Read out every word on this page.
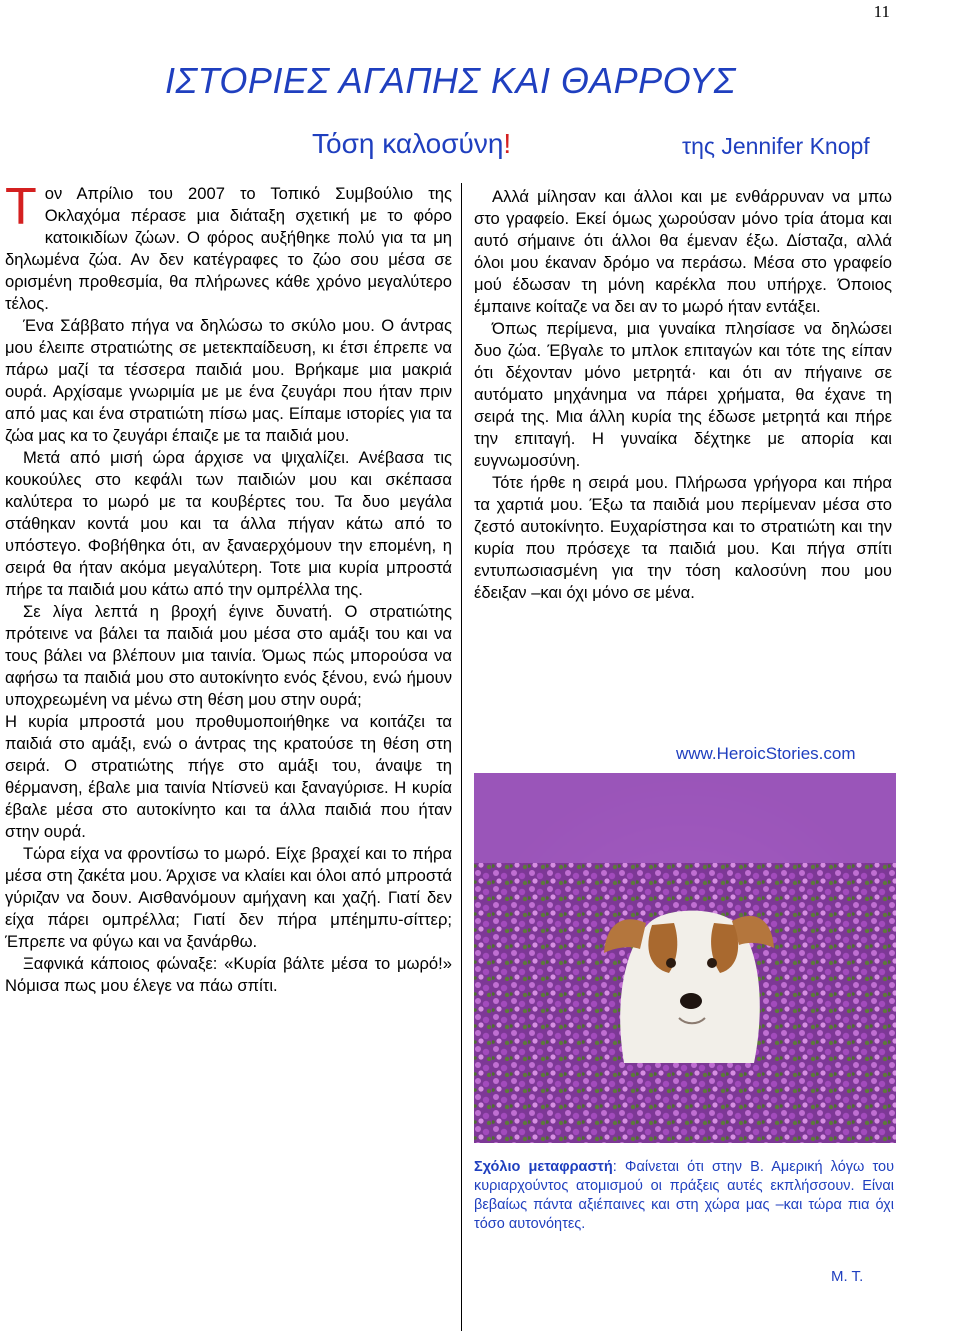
11
ΙΣΤΟΡΙΕΣ ΑΓΑΠΗΣ ΚΑΙ ΘΑΡΡΟΥΣ
Τόση καλοσύνη!	της Jennifer Knopf

Τον Απρίλιο του 2007 το Τοπικό Συμβούλιο της Οκλαχόμα πέρασε μια διάταξη σχετική με το φόρο κατοικιδίων ζώων. Ο φόρος αυξήθηκε πολύ για τα μη δηλωμένα ζώα. Αν δεν κατέγραφες το ζώο σου μέσα σε ορισμένη προθεσμία, θα πλήρωνες κάθε χρόνο μεγαλύτερο τέλος.

Ένα Σάββατο πήγα να δηλώσω το σκύλο μου. Ο άντρας μου έλειπε στρατιώτης σε μετεκπαίδευση, κι έτσι έπρεπε να πάρω μαζί τα τέσσερα παιδιά μου. Βρήκαμε μια μακριά ουρά. Αρχίσαμε γνωριμία με με ένα ζευγάρι που ήταν πριν από μας και ένα στρατιώτη πίσω μας. Είπαμε ιστορίες για τα ζώα μας κα το ζευγάρι έπαιζε με τα παιδιά μου.

Μετά από μισή ώρα άρχισε να ψιχαλίζει. Ανέβασα τις κουκούλες στο κεφάλι των παιδιών μου και σκέπασα καλύτερα το μωρό με τα κουβέρτες του. Τα δυο μεγάλα στάθηκαν κοντά μου και τα άλλα πήγαν κάτω από το υπόστεγο. Φοβήθηκα ότι, αν ξαναερχόμουν την επομένη, η σειρά θα ήταν ακόμα μεγαλύτερη. Τοτε μια κυρία μπροστά πήρε τα παιδιά μου κάτω από την ομπρέλλα της.

Σε λίγα λεπτά η βροχή έγινε δυνατή. Ο στρατιώτης πρότεινε να βάλει τα παιδιά μου μέσα στο αμάξι του και να τους βάλει να βλέπουν μια ταινία. Όμως πώς μπορούσα να αφήσω τα παιδιά μου στο αυτοκίνητο ενός ξένου, ενώ ήμουν υποχρεωμένη να μένω στη θέση μου στην ουρά;

Η κυρία μπροστά μου προθυμοποιήθηκε να κοιτάζει τα παιδιά στο αμάξι, ενώ ο άντρας της κρατούσε τη θέση στη σειρά. Ο στρατιώτης πήγε στο αμάξι του, άναψε τη θέρμανση, έβαλε μια ταινία Ντίσνεϋ και ξαναγύρισε. Η κυρία έβαλε μέσα στο αυτοκίνητο και τα άλλα παιδιά που ήταν στην ουρά.

Τώρα είχα να φροντίσω το μωρό. Είχε βραχεί και το πήρα μέσα στη ζακέτα μου. Άρχισε να κλαίει και όλοι από μπροστά γύριζαν να δουν. Αισθανόμουν αμήχανη και χαζή. Γιατί δεν είχα πάρει ομπρέλλα; Γιατί δεν πήρα μπέημπυ-σίττερ; Έπρεπε να φύγω και να ξανάρθω.

Ξαφνικά κάποιος φώναξε: «Κυρία βάλτε μέσα το μωρό!» Νόμισα πως μου έλεγε να πάω σπίτι.

Αλλά μίλησαν και άλλοι και με ενθάρρυναν να μπω στο γραφείο. Εκεί όμως χωρούσαν μόνο τρία άτομα και αυτό σήμαινε ότι άλλοι θα έμεναν έξω. Δίσταζα, αλλά όλοι μου έκαναν δρόμο να περάσω. Μέσα στο γραφείο μού έδωσαν τη μόνη καρέκλα που υπήρχε. Όποιος έμπαινε κοίταζε να δει αν το μωρό ήταν εντάξει.

Όπως περίμενα, μια γυναίκα πλησίασε να δηλώσει δυο ζώα. Έβγαλε το μπλοκ επιταγών και τότε της είπαν ότι δέχονταν μόνο μετρητά· και ότι αν πήγαινε σε αυτόματο μηχάνημα να πάρει χρήματα, θα έχανε τη σειρά της. Μια άλλη κυρία της έδωσε μετρητά και πήρε την επιταγή. Η γυναίκα δέχτηκε με απορία και ευγνωμοσύνη.

Τότε ήρθε η σειρά μου. Πλήρωσα γρήγορα και πήρα τα χαρτιά μου. Έξω τα παιδιά μου περίμεναν μέσα στο ζεστό αυτοκίνητο. Ευχαρίστησα και το στρατιώτη και την κυρία που πρόσεχε τα παιδιά μου. Και πήγα σπίτι εντυπωσιασμένη για την τόση καλοσύνη που μου έδειξαν –και όχι μόνο σε μένα.

www.HeroicStories.com
Σχόλιο μεταφραστή: Φαίνεται ότι στην Β. Αμερική λόγω του κυριαρχούντος ατομισμού οι πράξεις αυτές εκπλήσσουν. Είναι βεβαίως πάντα αξιέπαινες και στη χώρα μας –και τώρα πια όχι τόσο αυτονόητες.
Μ. Τ.
